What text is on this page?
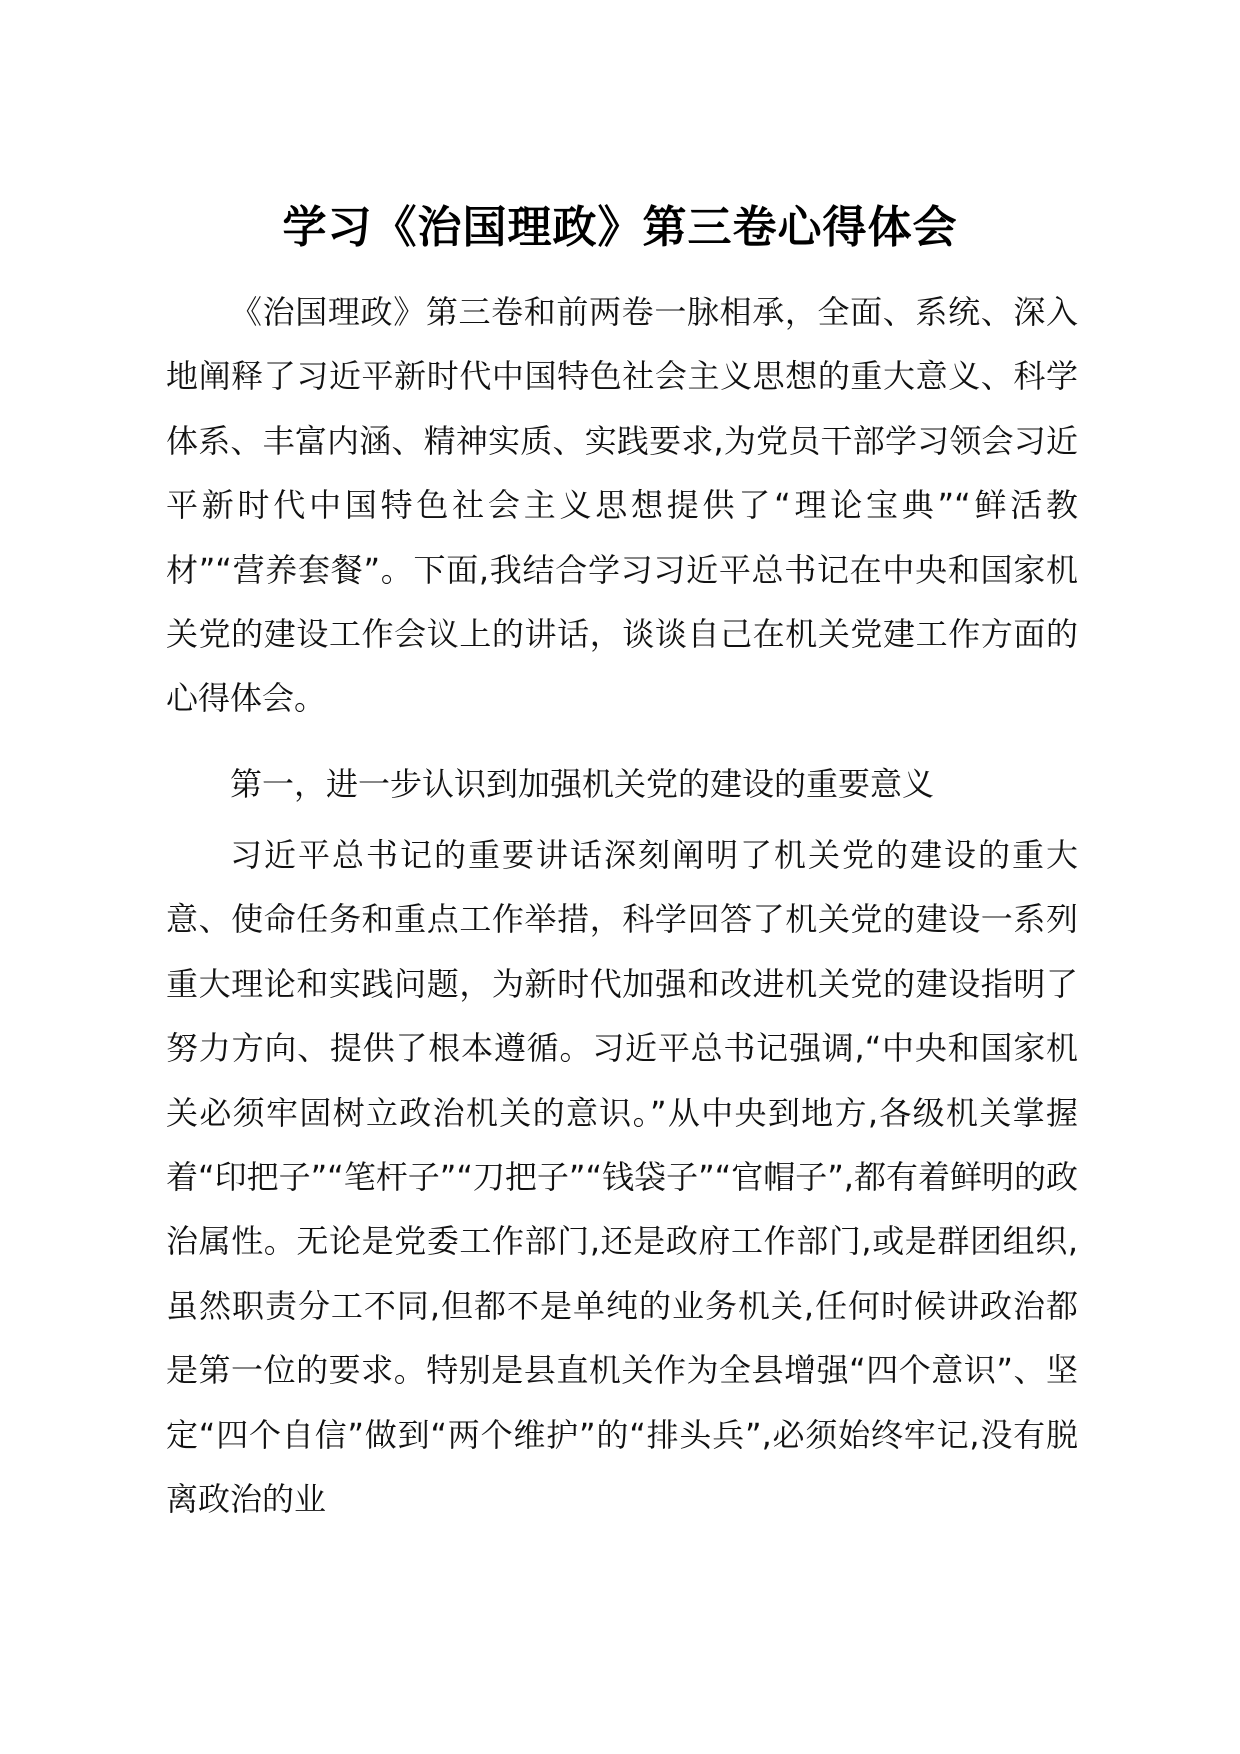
学习《治国理政》第三卷心得体会
《治国理政》第三卷和前两卷一脉相承，全面、系统、深入地阐释了习近平新时代中国特色社会主义思想的重大意义、科学体系、丰富内涵、精神实质、实践要求,为党员干部学习领会习近平新时代中国特色社会主义思想提供了“理论宝典”“鲜活教材”“营养套餐”。下面,我结合学习习近平总书记在中央和国家机关党的建设工作会议上的讲话，谈谈自己在机关党建工作方面的心得体会。
第一，进一步认识到加强机关党的建设的重要意义
习近平总书记的重要讲话深刻阐明了机关党的建设的重大意、使命任务和重点工作举措，科学回答了机关党的建设一系列重大理论和实践问题，为新时代加强和改进机关党的建设指明了努力方向、提供了根本遵循。习近平总书记强调,“中央和国家机关必须牢固树立政治机关的意识。”从中央到地方,各级机关掌握着“印把子”“笔杆子”“刀把子”“钱袋子”“官帽子”,都有着鲜明的政治属性。无论是党委工作部门,还是政府工作部门,或是群团组织,虽然职责分工不同,但都不是单纯的业务机关,任何时候讲政治都是第一位的要求。特别是县直机关作为全县增强“四个意识”、坚定“四个自信”做到“两个维护”的“排头兵”,必须始终牢记,没有脱离政治的业
